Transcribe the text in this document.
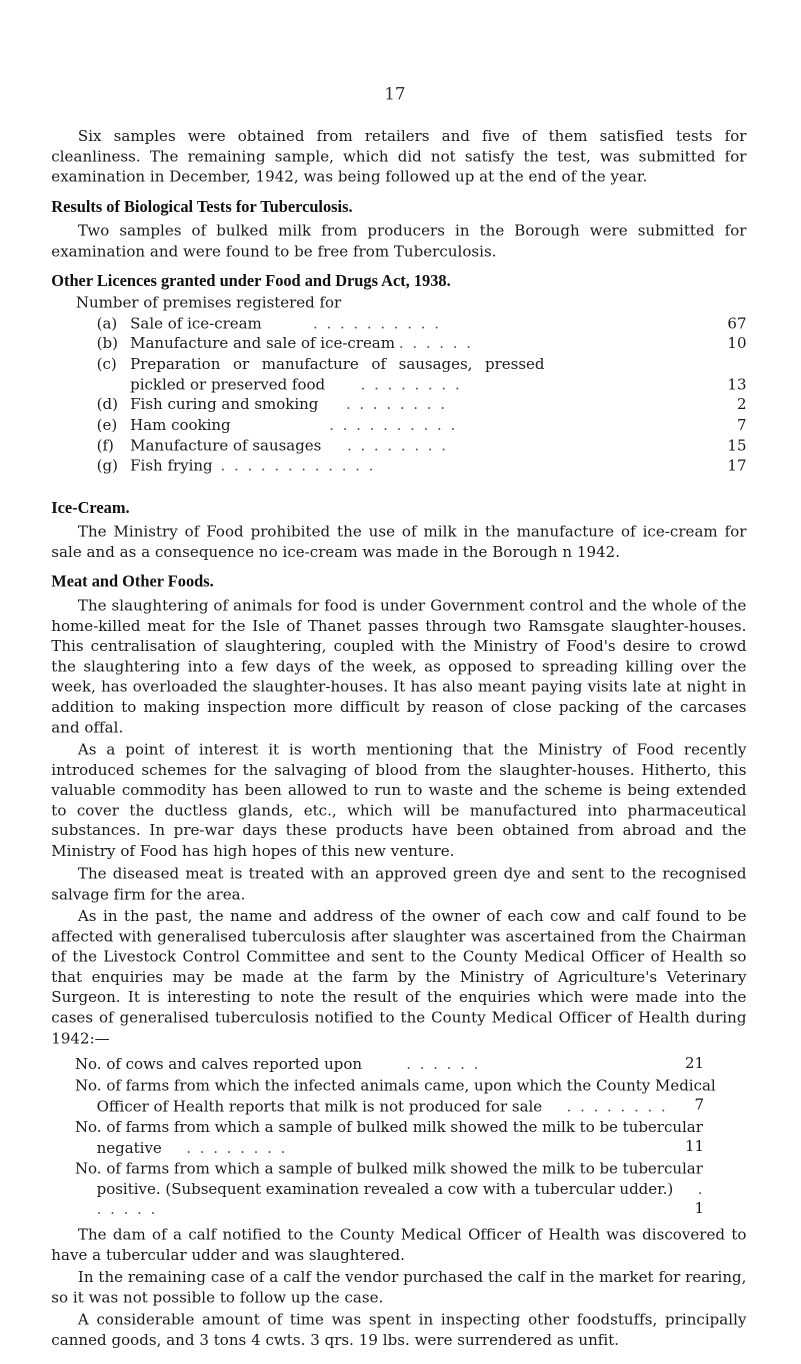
17

Six samples were obtained from retailers and five of them satisfied tests for cleanliness. The remaining sample, which did not satisfy the test, was submitted for examination in December, 1942, was being followed up at the end of the year.

Results of Biological Tests for Tuberculosis.

Two samples of bulked milk from producers in the Borough were submitted for examination and were found to be free from Tuberculosis.

Other Licences granted under Food and Drugs Act, 1938.
Number of premises registered for
(a) Sale of ice-cream	. . . . . . . . . .	67
(b) Manufacture and sale of ice-cream . . . . . .	10
(c) Preparation or manufacture of sausages, pressed
pickled or preserved food . . . . . . . .	13
(d) Fish curing and smoking . . . . . . . .	2
(e) Ham cooking	. . . . . . . . . .	7
(f) Manufacture of sausages . . . . . . . .	15
(g) Fish frying . . . . . . . . . . . .	17
Ice-Cream.

The Ministry of Food prohibited the use of milk in the manufacture of ice-cream for sale and as a consequence no ice-cream was made in the Borough n 1942.

Meat and Other Foods.

The slaughtering of animals for food is under Government control and the whole of the home-killed meat for the Isle of Thanet passes through two Ramsgate slaughter-houses. This centralisation of slaughtering, coupled with the Ministry of Food's desire to crowd the slaughtering into a few days of the week, as opposed to spreading killing over the week, has overloaded the slaughter-houses. It has also meant paying visits late at night in addition to making inspection more difficult by reason of close packing of the carcases and offal.

As a point of interest it is worth mentioning that the Ministry of Food recently introduced schemes for the salvaging of blood from the slaughter-houses. Hitherto, this valuable commodity has been allowed to run to waste and the scheme is being extended to cover the ductless glands, etc., which will be manufactured into pharmaceutical substances. In pre-war days these products have been obtained from abroad and the Ministry of Food has high hopes of this new venture.

The diseased meat is treated with an approved green dye and sent to the recognised salvage firm for the area.

As in the past, the name and address of the owner of each cow and calf found to be affected with generalised tuberculosis after slaughter was ascertained from the Chairman of the Livestock Control Committee and sent to the County Medical Officer of Health so that enquiries may be made at the farm by the Ministry of Agriculture's Veterinary Surgeon. It is interesting to note the result of the enquiries which were made into the cases of generalised tuberculosis notified to the County Medical Officer of Health during 1942:—

No. of cows and calves reported upon	. . . . . .	21
No. of farms from which the infected animals came, upon which the County Medical Officer of Health reports that milk is not produced for sale . . . . . . . .	7
No. of farms from which a sample of bulked milk showed the milk to be tubercular negative . . . . . . . .	11
No. of farms from which a sample of bulked milk showed the milk to be tubercular positive. (Subsequent examination revealed a cow with a tubercular udder.) . . . . . .	1

The dam of a calf notified to the County Medical Officer of Health was discovered to have a tubercular udder and was slaughtered.

In the remaining case of a calf the vendor purchased the calf in the market for rearing, so it was not possible to follow up the case.

A considerable amount of time was spent in inspecting other foodstuffs, principally canned goods, and 3 tons 4 cwts. 3 qrs. 19 lbs. were surrendered as unfit.
